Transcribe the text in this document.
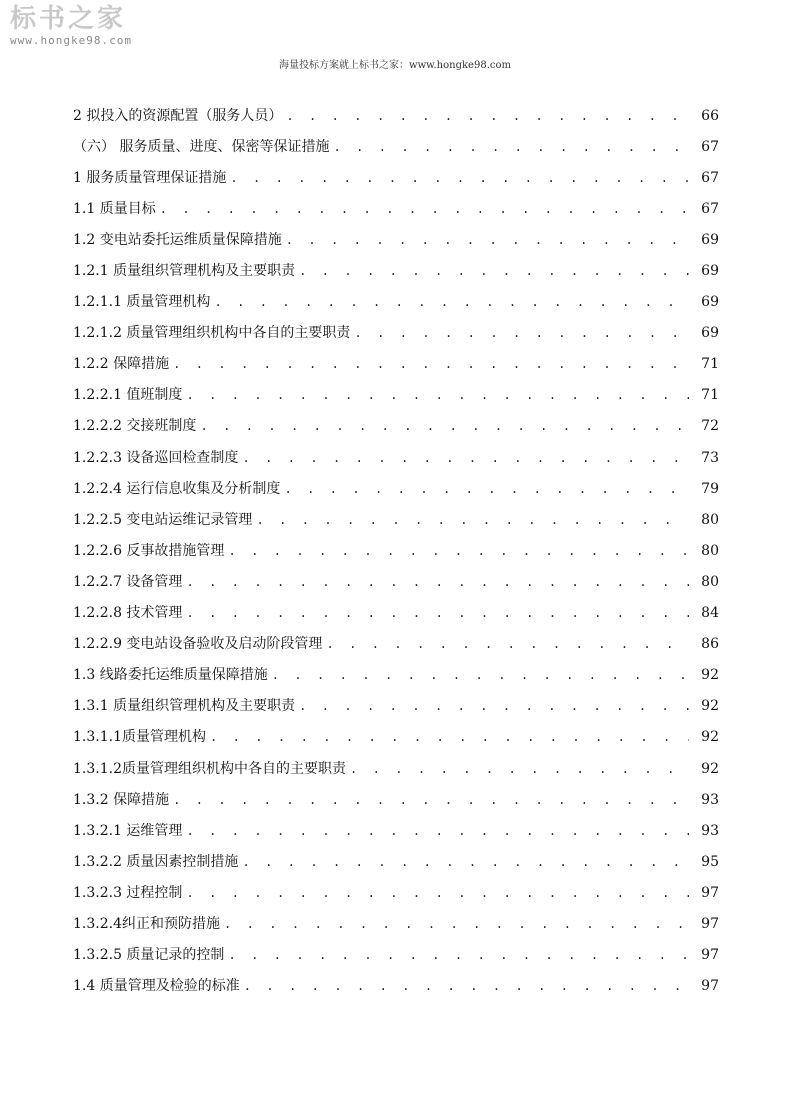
标书之家
www.hongke98.com
海量投标方案就上标书之家：www.hongke98.com
2 拟投入的资源配置（服务人员） . . .	66
（六） 服务质量、进度、保密等保证措施 . . .	67
1 服务质量管理保证措施 . . .	67
1.1 质量目标 . . .	67
1.2 变电站委托运维质量保障措施 . . .	69
1.2.1 质量组织管理机构及主要职责 . . .	69
1.2.1.1 质量管理机构 . . .	69
1.2.1.2 质量管理组织机构中各自的主要职责 . . .	69
1.2.2 保障措施 . . .	71
1.2.2.1 值班制度 . . .	71
1.2.2.2 交接班制度 . . .	72
1.2.2.3 设备巡回检查制度 . . .	73
1.2.2.4 运行信息收集及分析制度 . . .	79
1.2.2.5 变电站运维记录管理 . . .	80
1.2.2.6 反事故措施管理 . . .	80
1.2.2.7 设备管理 . . .	80
1.2.2.8 技术管理 . . .	84
1.2.2.9 变电站设备验收及启动阶段管理 . . .	86
1.3 线路委托运维质量保障措施 . . .	92
1.3.1 质量组织管理机构及主要职责 . . .	92
1.3.1.1质量管理机构 . . .	92
1.3.1.2质量管理组织机构中各自的主要职责 . . .	92
1.3.2 保障措施 . . .	93
1.3.2.1 运维管理 . . .	93
1.3.2.2 质量因素控制措施 . . .	95
1.3.2.3 过程控制 . . .	97
1.3.2.4纠正和预防措施 . . .	97
1.3.2.5 质量记录的控制 . . .	97
1.4 质量管理及检验的标准 . . .	97
